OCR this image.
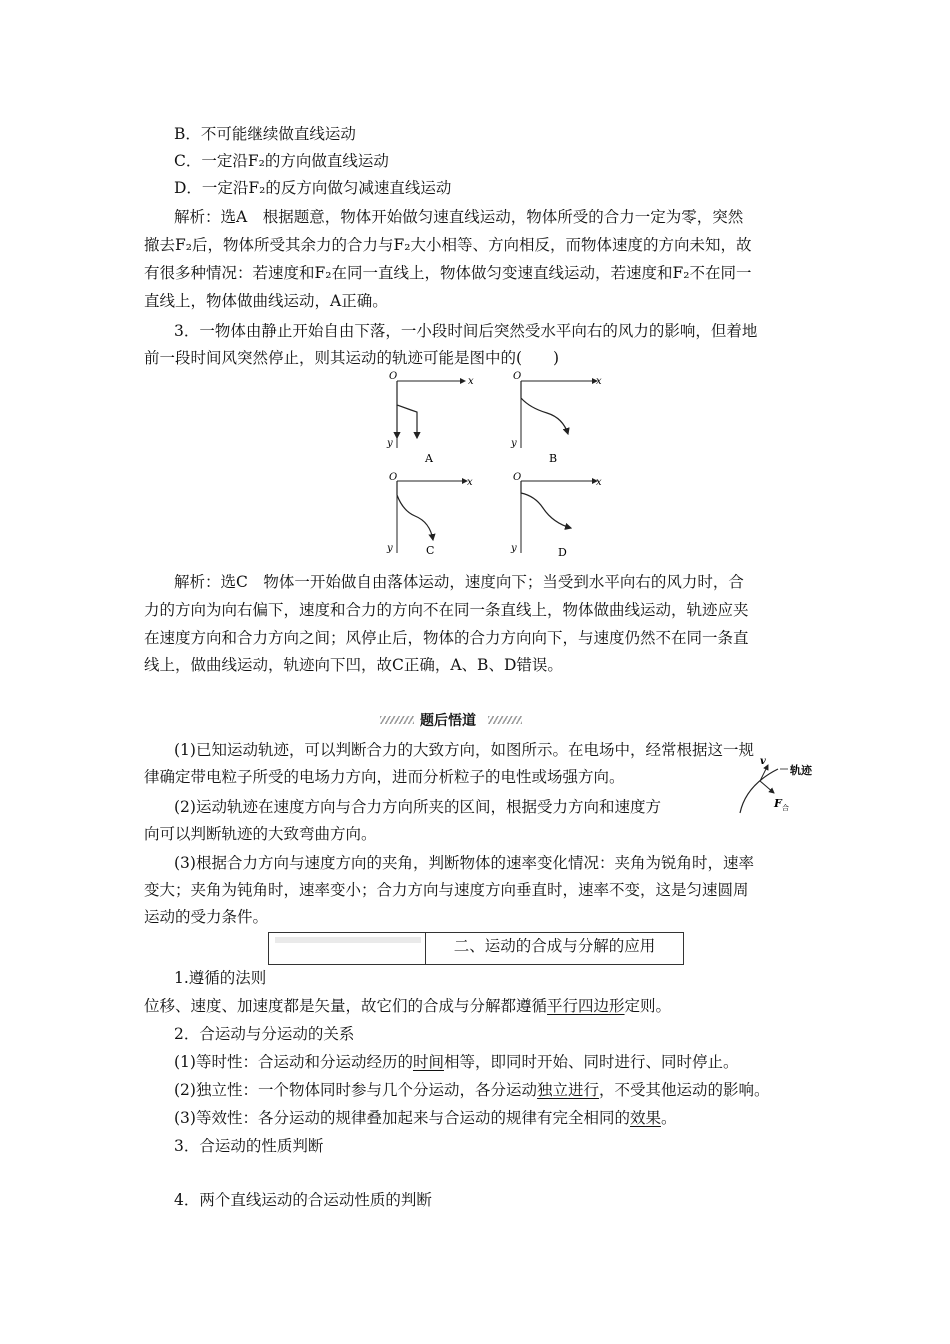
B．不可能继续做直线运动
C．一定沿F₂的方向做直线运动
D．一定沿F₂的反方向做匀减速直线运动
解析：选A　根据题意，物体开始做匀速直线运动，物体所受的合力一定为零，突然
撤去F₂后，物体所受其余力的合力与F₂大小相等、方向相反，而物体速度的方向未知，故
有很多种情况：若速度和F₂在同一直线上，物体做匀变速直线运动，若速度和F₂不在同一
直线上，物体做曲线运动，A正确。
3．一物体由静止开始自由下落，一小段时间后突然受水平向右的风力的影响，但着地
前一段时间风突然停止，则其运动的轨迹可能是图中的(　　)
O	x
y
A
O	x
y
B
O	x
y	C
O	x
y	D
解析：选C　物体一开始做自由落体运动，速度向下；当受到水平向右的风力时，合
力的方向为向右偏下，速度和合力的方向不在同一条直线上，物体做曲线运动，轨迹应夹
在速度方向和合力方向之间；风停止后，物体的合力方向向下，与速度仍然不在同一条直
线上，做曲线运动，轨迹向下凹，故C正确，A、B、D错误。
题后悟道
(1)已知运动轨迹，可以判断合力的大致方向，如图所示。在电场中，经常根据这一规
律确定带电粒子所受的电场力方向，进而分析粒子的电性或场强方向。
(2)运动轨迹在速度方向与合力方向所夹的区间，根据受力方向和速度方
向可以判断轨迹的大致弯曲方向。
(3)根据合力方向与速度方向的夹角，判断物体的速率变化情况：夹角为锐角时，速率
变大；夹角为钝角时，速率变小；合力方向与速度方向垂直时，速率不变，这是匀速圆周
运动的受力条件。
v
轨迹
F 合
二、运动的合成与分解的应用
1.遵循的法则
位移、速度、加速度都是矢量，故它们的合成与分解都遵循平行四边形定则。
2．合运动与分运动的关系
(1)等时性：合运动和分运动经历的时间相等，即同时开始、同时进行、同时停止。
(2)独立性：一个物体同时参与几个分运动，各分运动独立进行，不受其他运动的影响。
(3)等效性：各分运动的规律叠加起来与合运动的规律有完全相同的效果。
3．合运动的性质判断
4．两个直线运动的合运动性质的判断
